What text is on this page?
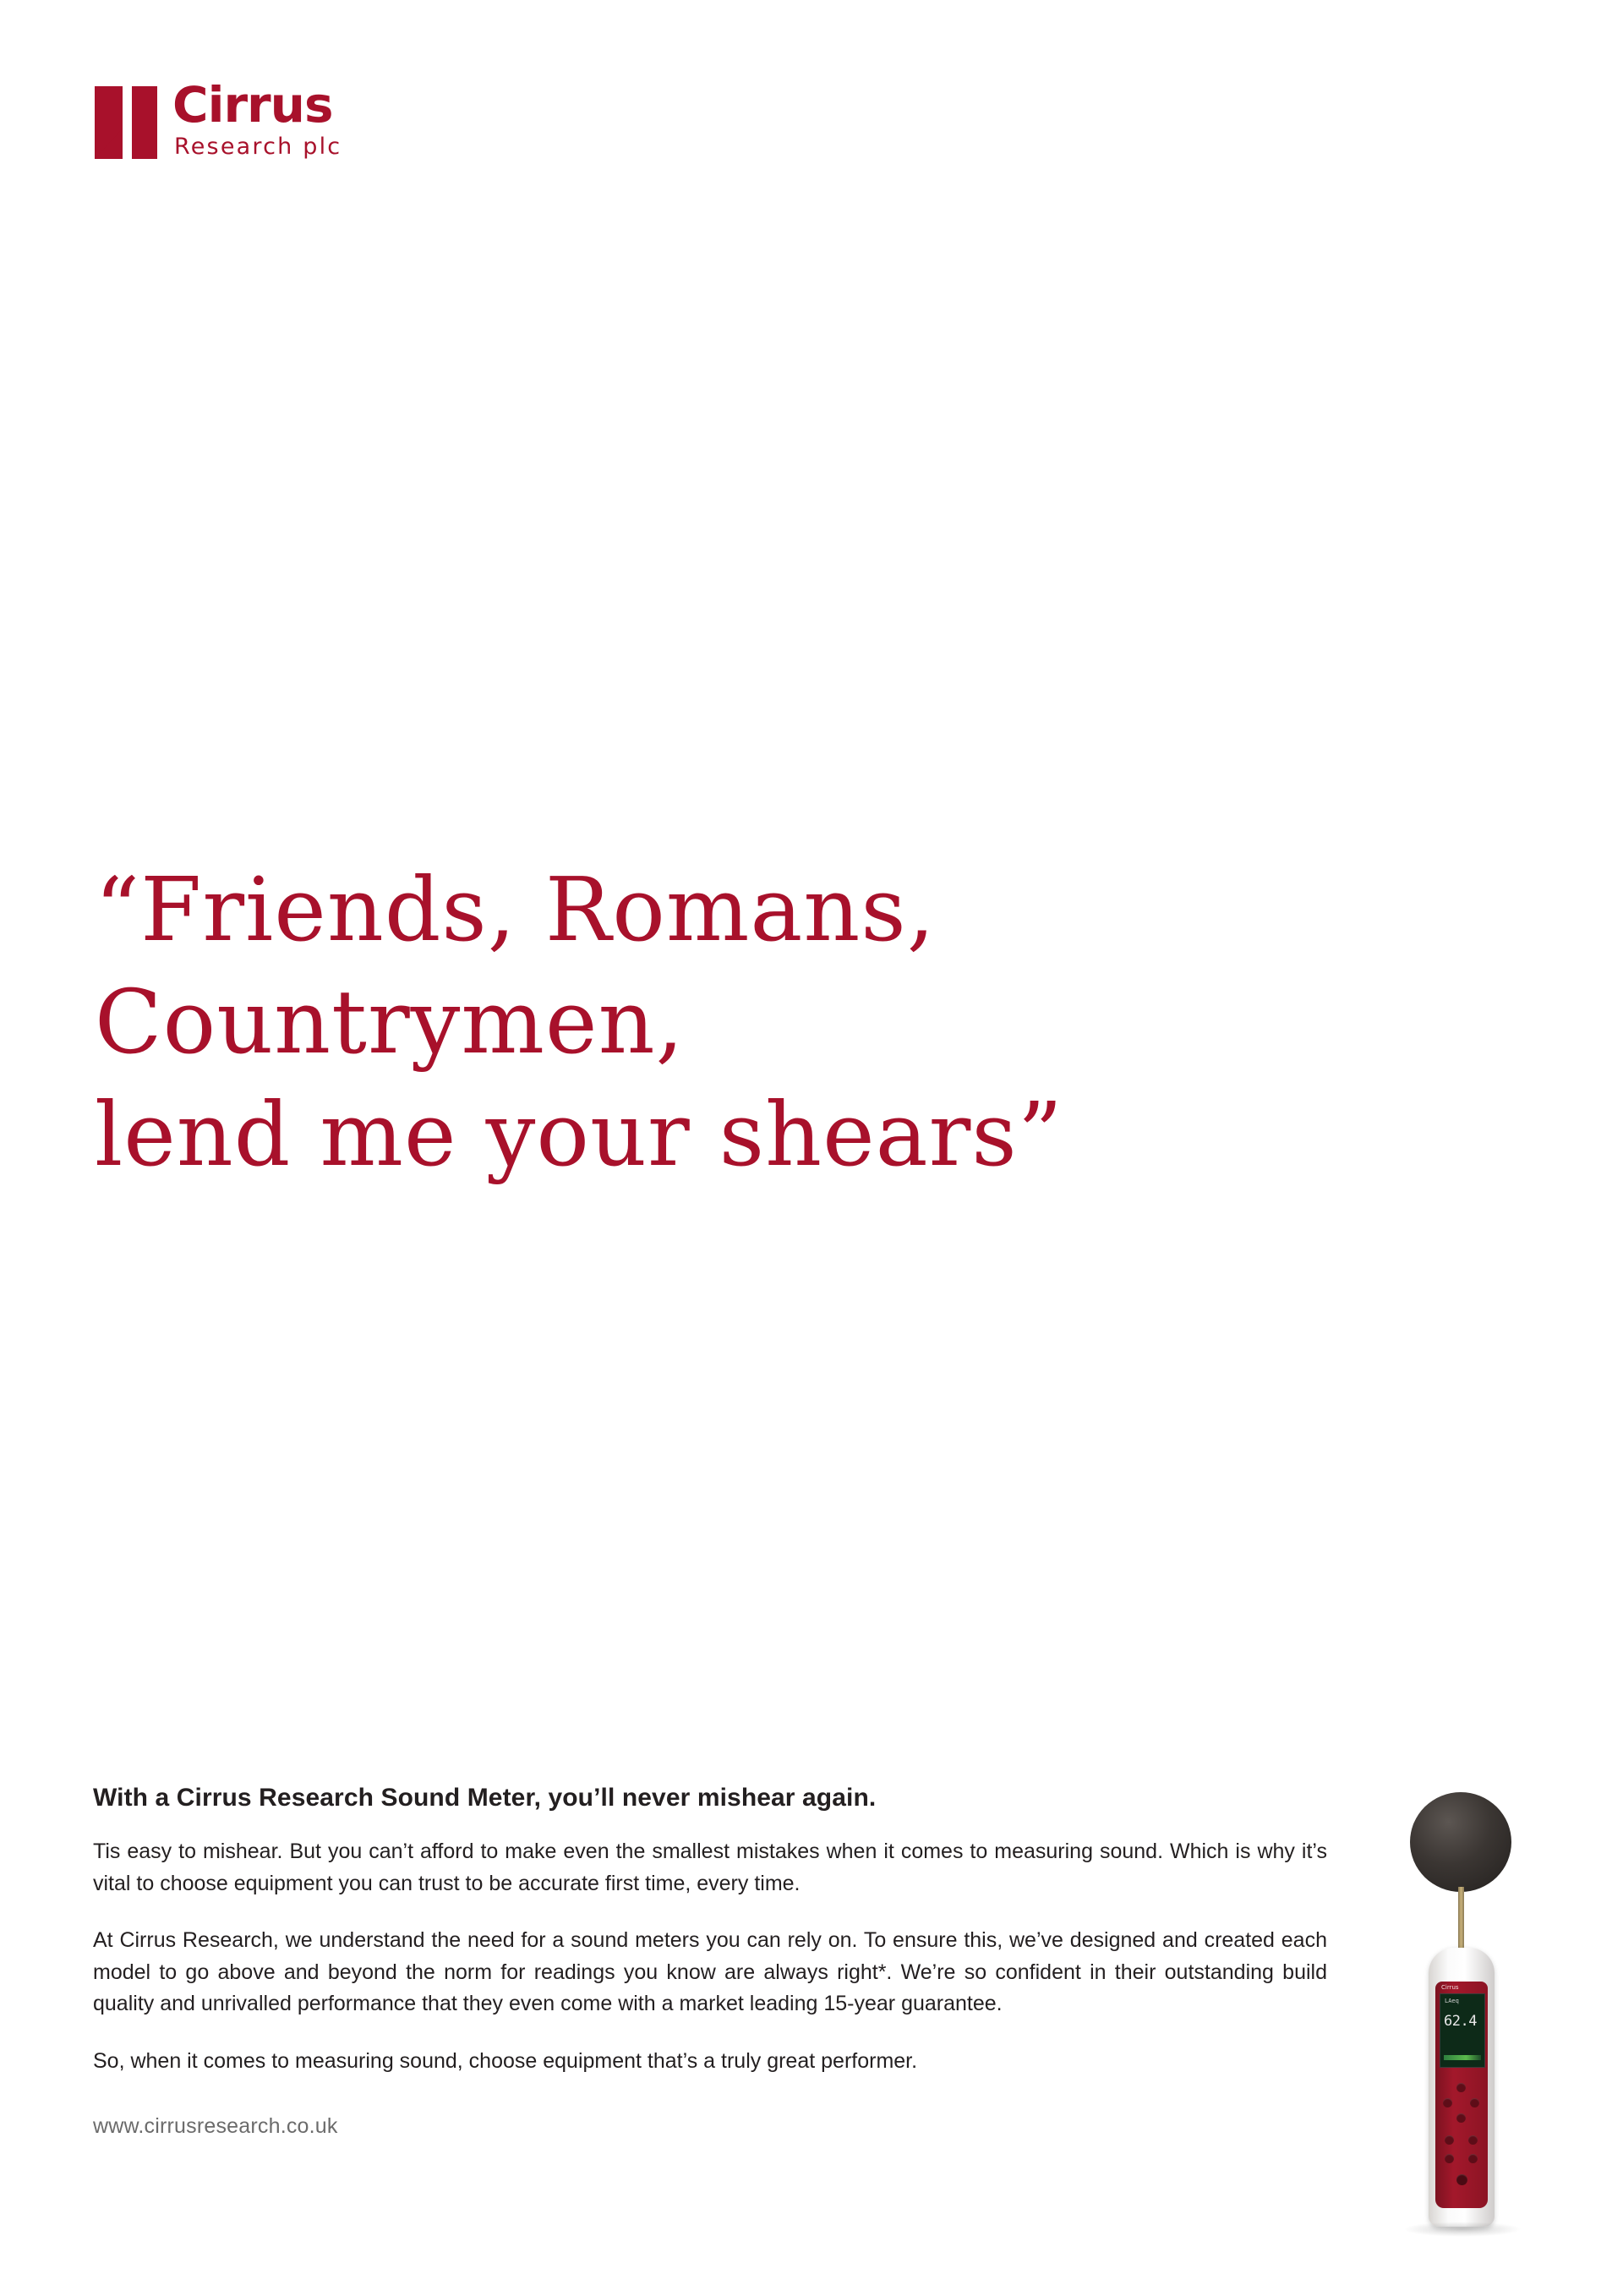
Cirrus
Research plc
“Friends, Romans, Countrymen,
lend me your shears”
With a Cirrus Research Sound Meter, you’ll never mishear again.

Tis easy to mishear. But you can’t afford to make even the smallest mistakes when it comes to measuring sound. Which is why it’s vital to choose equipment you can trust to be accurate first time, every time.

At Cirrus Research, we understand the need for a sound meters you can rely on. To ensure this, we’ve designed and created each model to go above and beyond the norm for readings you know are always right*. We’re so confident in their outstanding build quality and unrivalled performance that they even come with a market leading 15-year guarantee.

So, when it comes to measuring sound, choose equipment that’s a truly great performer.

www.cirrusresearch.co.uk
Cirrus
LAeq
62.4
